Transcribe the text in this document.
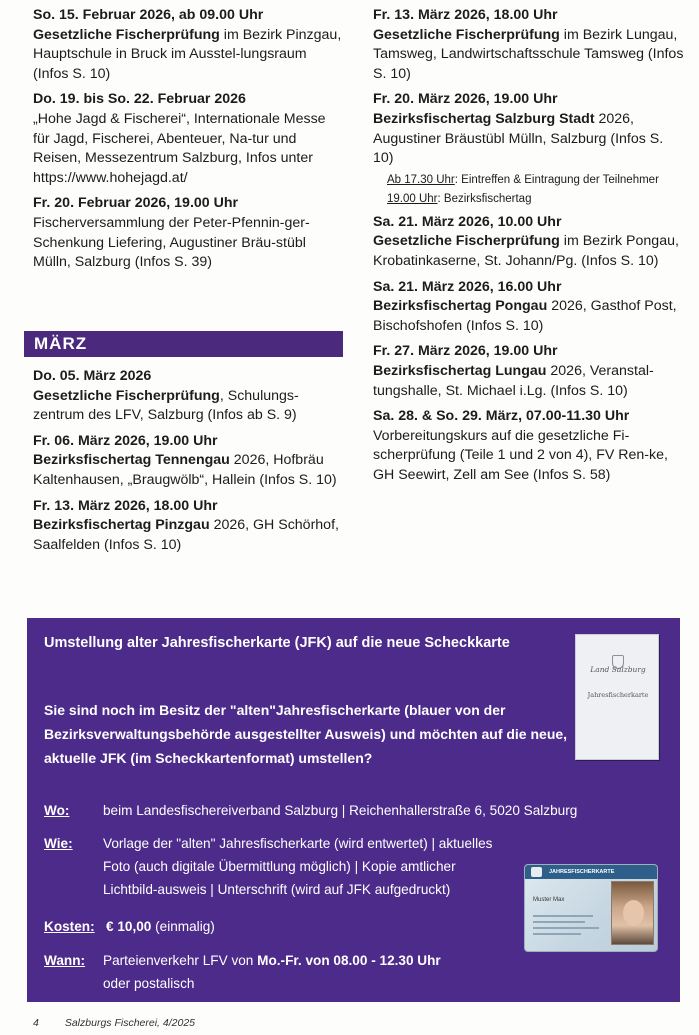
So. 15. Februar 2026, ab 09.00 Uhr
Gesetzliche Fischerprüfung im Bezirk Pinzgau, Hauptschule in Bruck im Ausstel-lungsraum (Infos S. 10)
Do. 19. bis So. 22. Februar 2026
„Hohe Jagd & Fischerei“, Internationale Messe für Jagd, Fischerei, Abenteuer, Na-tur und Reisen, Messezentrum Salzburg, Infos unter https://www.hohejagd.at/
Fr. 20. Februar 2026, 19.00 Uhr
Fischerversammlung der Peter-Pfennin-ger-Schenkung Liefering, Augustiner Bräu-stübl Mülln, Salzburg (Infos S. 39)
MÄRZ
Do. 05. März 2026
Gesetzliche Fischerprüfung, Schulungs-zentrum des LFV, Salzburg (Infos ab S. 9)
Fr. 06. März 2026, 19.00 Uhr
Bezirksfischertag Tennengau 2026, Hofbräu Kaltenhausen, „Braugwölb“, Hallein (Infos S. 10)
Fr. 13. März 2026, 18.00 Uhr
Bezirksfischertag Pinzgau 2026, GH Schörhof, Saalfelden (Infos S. 10)
Fr. 13. März 2026, 18.00 Uhr
Gesetzliche Fischerprüfung im Bezirk Lungau, Tamsweg, Landwirtschaftsschule Tamsweg (Infos S. 10)
Fr. 20. März 2026, 19.00 Uhr
Bezirksfischertag Salzburg Stadt 2026, Augustiner Bräustübl Mülln, Salzburg (Infos S. 10)
Ab 17.30 Uhr: Eintreffen & Eintragung der Teilnehmer
19.00 Uhr: Bezirksfischertag
Sa. 21. März 2026, 10.00 Uhr
Gesetzliche Fischerprüfung im Bezirk Pongau, Krobatinkaserne, St. Johann/Pg. (Infos S. 10)
Sa. 21. März 2026, 16.00 Uhr
Bezirksfischertag Pongau 2026, Gasthof Post, Bischofshofen (Infos S. 10)
Fr. 27. März 2026, 19.00 Uhr
Bezirksfischertag Lungau 2026, Veranstal-tungshalle, St. Michael i.Lg. (Infos S. 10)
Sa. 28. & So. 29. März, 07.00-11.30 Uhr
Vorbereitungskurs auf die gesetzliche Fi-scherprüfung (Teile 1 und 2 von 4), FV Ren-ke, GH Seewirt, Zell am See (Infos S. 58)
Umstellung alter Jahresfischerkarte (JFK) auf die neue Scheckkarte
Sie sind noch im Besitz der "alten"Jahresfischerkarte (blauer von der Bezirksverwaltungsbehörde ausgestellter Ausweis) und möchten auf die neue, aktuelle JFK (im Scheckkartenformat) umstellen?
Land Salzburg
Jahresfischerkarte
Wo: beim Landesfischereiverband Salzburg | Reichenhallerstraße 6, 5020 Salzburg
Wie: Vorlage der "alten" Jahresfischerkarte (wird entwertet) | aktuelles Foto (auch digitale Übermittlung möglich) | Kopie amtlicher Lichtbild-ausweis | Unterschrift (wird auf JFK aufgedruckt)
Kosten: € 10,00 (einmalig)
Wann: Parteienverkehr LFV von Mo.-Fr. von 08.00 - 12.30 Uhr
oder postalisch
JAHRESFISCHERKARTE
Muster Max
4 Salzburgs Fischerei, 4/2025
